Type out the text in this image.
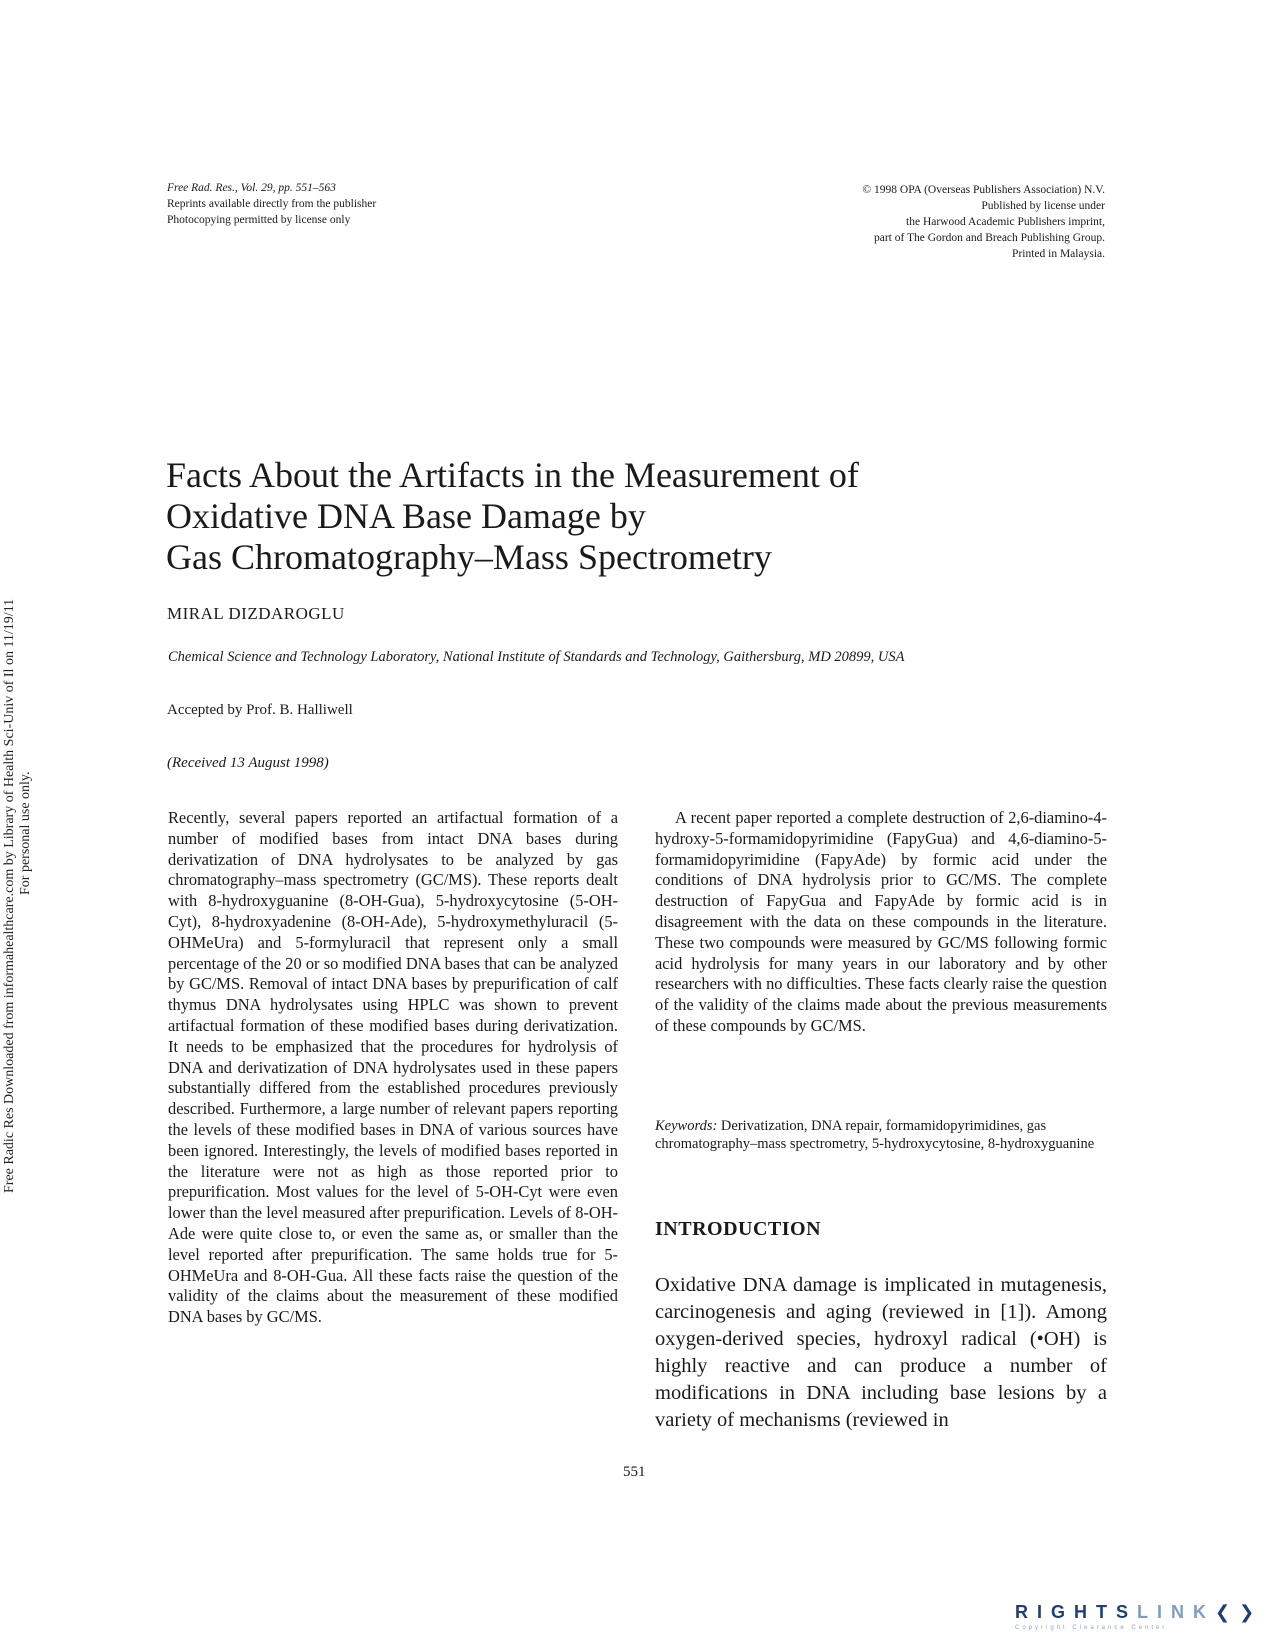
Free Rad. Res., Vol. 29, pp. 551–563
Reprints available directly from the publisher
Photocopying permitted by license only
© 1998 OPA (Overseas Publishers Association) N.V.
Published by license under
the Harwood Academic Publishers imprint,
part of The Gordon and Breach Publishing Group.
Printed in Malaysia.
Free Radic Res Downloaded from informahealthcare.com by Library of Health Sci-Univ of Il on 11/19/11 For personal use only.
Facts About the Artifacts in the Measurement of
Oxidative DNA Base Damage by
Gas Chromatography–Mass Spectrometry
MIRAL DIZDAROGLU
Chemical Science and Technology Laboratory, National Institute of Standards and Technology, Gaithersburg, MD 20899, USA
Accepted by Prof. B. Halliwell
(Received 13 August 1998)
Recently, several papers reported an artifactual formation of a number of modified bases from intact DNA bases during derivatization of DNA hydrolysates to be analyzed by gas chromatography–mass spectrometry (GC/MS). These reports dealt with 8-hydroxyguanine (8-OH-Gua), 5-hydroxycytosine (5-OH-Cyt), 8-hydroxyadenine (8-OH-Ade), 5-hydroxymethyluracil (5-OHMeUra) and 5-formyluracil that represent only a small percentage of the 20 or so modified DNA bases that can be analyzed by GC/MS. Removal of intact DNA bases by prepurification of calf thymus DNA hydrolysates using HPLC was shown to prevent artifactual formation of these modified bases during derivatization. It needs to be emphasized that the procedures for hydrolysis of DNA and derivatization of DNA hydrolysates used in these papers substantially differed from the established procedures previously described. Furthermore, a large number of relevant papers reporting the levels of these modified bases in DNA of various sources have been ignored. Interestingly, the levels of modified bases reported in the literature were not as high as those reported prior to prepurification. Most values for the level of 5-OH-Cyt were even lower than the level measured after prepurification. Levels of 8-OH-Ade were quite close to, or even the same as, or smaller than the level reported after prepurification. The same holds true for 5-OHMeUra and 8-OH-Gua. All these facts raise the question of the validity of the claims about the measurement of these modified DNA bases by GC/MS.
A recent paper reported a complete destruction of 2,6-diamino-4-hydroxy-5-formamidopyrimidine (FapyGua) and 4,6-diamino-5-formamidopyrimidine (FapyAde) by formic acid under the conditions of DNA hydrolysis prior to GC/MS. The complete destruction of FapyGua and FapyAde by formic acid is in disagreement with the data on these compounds in the literature. These two compounds were measured by GC/MS following formic acid hydrolysis for many years in our laboratory and by other researchers with no difficulties. These facts clearly raise the question of the validity of the claims made about the previous measurements of these compounds by GC/MS.
Keywords: Derivatization, DNA repair, formamidopyrimidines, gas chromatography–mass spectrometry, 5-hydroxycytosine, 8-hydroxyguanine
INTRODUCTION
Oxidative DNA damage is implicated in mutagenesis, carcinogenesis and aging (reviewed in [1]). Among oxygen-derived species, hydroxyl radical (•OH) is highly reactive and can produce a number of modifications in DNA including base lesions by a variety of mechanisms (reviewed in
551
RIGHTSLINK❮❯
Copyright Clearance Center
